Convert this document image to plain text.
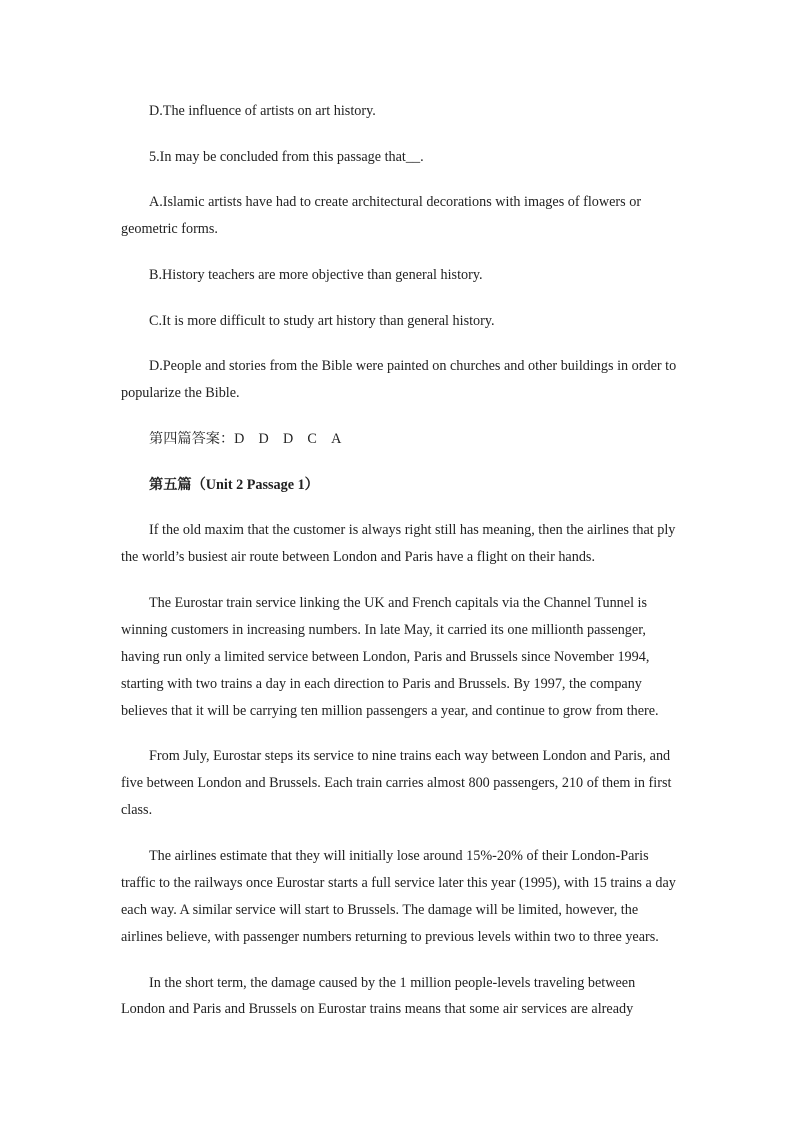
D.The influence of artists on art history.

5.In may be concluded from this passage that__.

A.Islamic artists have had to create architectural decorations with images of flowers or

geometric forms.

B.History teachers are more objective than general history.

C.It is more difficult to study art history than general history.

D.People and stories from the Bible were painted on churches and other buildings in order to

popularize the Bible.

第四篇答案：D　D　D　C　A

第五篇（Unit 2 Passage 1）

If the old maxim that the customer is always right still has meaning, then the airlines that ply

the world’s busiest air route between London and Paris have a flight on their hands.

The Eurostar train service linking the UK and French capitals via the Channel Tunnel is

winning customers in increasing numbers. In late May, it carried its one millionth passenger,

having run only a limited service between London, Paris and Brussels since November 1994,

starting with two trains a day in each direction to Paris and Brussels. By 1997, the company

believes that it will be carrying ten million passengers a year, and continue to grow from there.

From July, Eurostar steps its service to nine trains each way between London and Paris, and

five between London and Brussels. Each train carries almost 800 passengers, 210 of them in first

class.

The airlines estimate that they will initially lose around 15%-20% of their London-Paris

traffic to the railways once Eurostar starts a full service later this year (1995), with 15 trains a day

each way. A similar service will start to Brussels. The damage will be limited, however, the

airlines believe, with passenger numbers returning to previous levels within two to three years.

In the short term, the damage caused by the 1 million people-levels traveling between

London and Paris and Brussels on Eurostar trains means that some air services are already
